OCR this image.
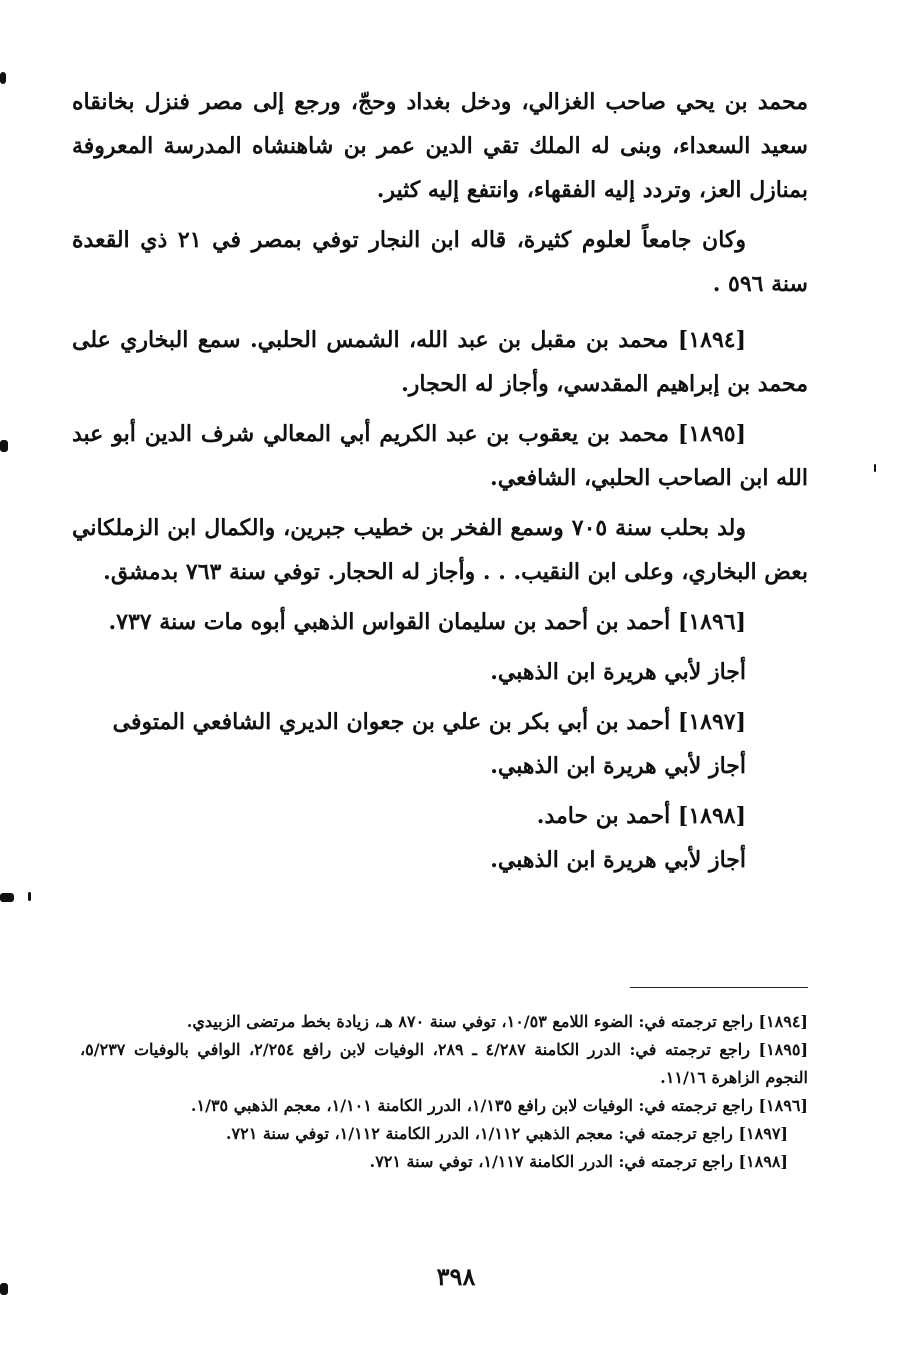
محمد بن يحي صاحب الغزالي، ودخل بغداد وحجّ، ورجع إلى مصر فنزل بخانقاه سعيد السعداء، وبنى له الملك تقي الدين عمر بن شاهنشاه المدرسة المعروفة بمنازل العز، وتردد إليه الفقهاء، وانتفع إليه كثير.

وكان جامعاً لعلوم كثيرة، قاله ابن النجار توفي بمصر في ٢١ ذي القعدة سنة ٥٩٦ .

[١٨٩٤] محمد بن مقبل بن عبد الله، الشمس الحلبي. سمع البخاري على محمد بن إبراهيم المقدسي، وأجاز له الحجار.

[١٨٩٥] محمد بن يعقوب بن عبد الكريم أبي المعالي شرف الدين أبو عبد الله ابن الصاحب الحلبي، الشافعي.

ولد بحلب سنة ٧٠٥ وسمع الفخر بن خطيب جبرين، والكمال ابن الزملكاني بعض البخاري، وعلى ابن النقيب. . . وأجاز له الحجار. توفي سنة ٧٦٣ بدمشق.

[١٨٩٦] أحمد بن أحمد بن سليمان القواس الذهبي أبوه مات سنة ٧٣٧.

أجاز لأبي هريرة ابن الذهبي.

[١٨٩٧] أحمد بن أبي بكر بن علي بن جعوان الديري الشافعي المتوفى

أجاز لأبي هريرة ابن الذهبي.

[١٨٩٨] أحمد بن حامد.

أجاز لأبي هريرة ابن الذهبي.

[١٨٩٤] راجع ترجمته في: الضوء اللامع ١٠/٥٣، توفي سنة ٨٧٠ هـ، زيادة بخط مرتضى الزبيدي.

[١٨٩٥] راجع ترجمته في: الدرر الكامنة ٤/٢٨٧ ـ ٢٨٩، الوفيات لابن رافع ٢/٢٥٤، الوافي بالوفيات ٥/٢٣٧، النجوم الزاهرة ١١/١٦.

[١٨٩٦] راجع ترجمته في: الوفيات لابن رافع ١/١٣٥، الدرر الكامنة ١/١٠١، معجم الذهبي ١/٣٥.

[١٨٩٧] راجع ترجمته في: معجم الذهبي ١/١١٢، الدرر الكامنة ١/١١٢، توفي سنة ٧٢١.

[١٨٩٨] راجع ترجمته في: الدرر الكامنة ١/١١٧، توفي سنة ٧٢١.

٣٩٨
